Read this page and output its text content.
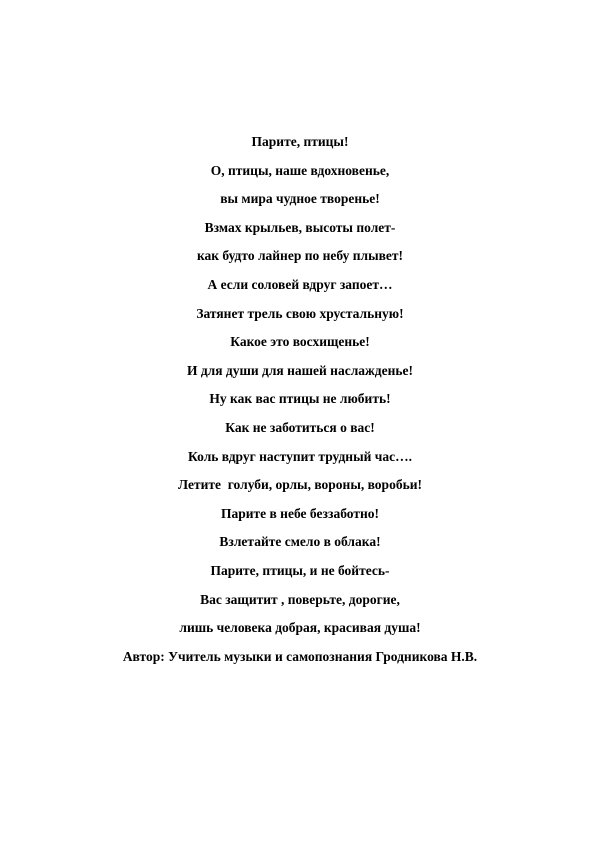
Парите, птицы!
О, птицы, наше вдохновенье,
вы мира чудное творенье!
Взмах крыльев, высоты полет-
как будто лайнер по небу плывет!
А если соловей вдруг запоет…
Затянет трель свою хрустальную!
Какое это восхищенье!
И для души для нашей наслажденье!
Ну как вас птицы не любить!
Как не заботиться о вас!
Коль вдруг наступит трудный час….
Летите  голуби, орлы, вороны, воробьи!
Парите в небе беззаботно!
Взлетайте смело в облака!
Парите, птицы, и не бойтесь-
Вас защитит , поверьте, дорогие,
лишь человека добрая, красивая душа!
Автор: Учитель музыки и самопознания Гродникова Н.В.
